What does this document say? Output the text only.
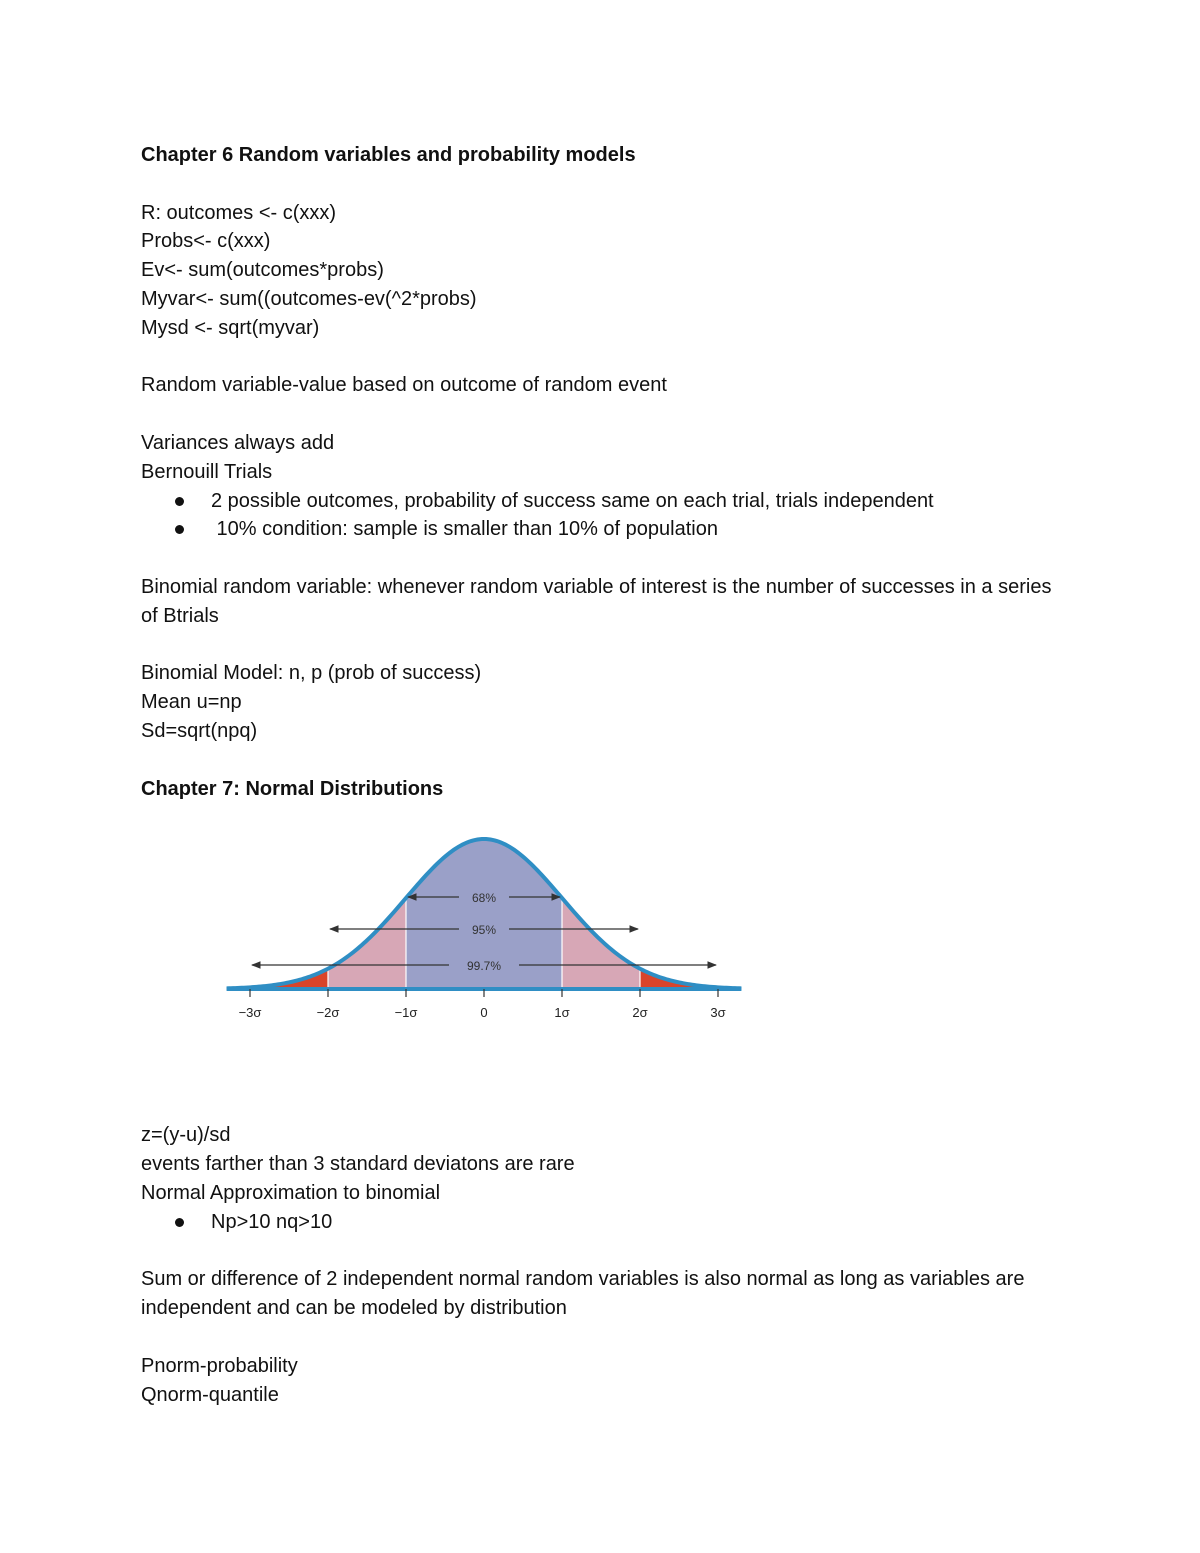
Chapter 6 Random variables and probability models
R: outcomes <- c(xxx)
Probs<- c(xxx)
Ev<- sum(outcomes*probs)
Myvar<- sum((outcomes-ev(^2*probs)
Mysd <- sqrt(myvar)
Random variable-value based on outcome of random event
Variances always add
Bernouill Trials
2 possible outcomes, probability of success same on each trial, trials independent
10% condition: sample is smaller than 10% of population
Binomial random variable: whenever random variable of interest is the number of successes in a series of Btrials
Binomial Model: n, p (prob of success)
Mean u=np
Sd=sqrt(npq)
Chapter 7: Normal Distributions
−3σ	−2σ	−1σ	0	1σ	2σ	3σ
68%
95%
99.7%
z=(y-u)/sd
events farther than 3 standard deviatons are rare
Normal Approximation to binomial
Np>10 nq>10
Sum or difference of 2 independent normal random variables is also normal as long as variables are independent and can be modeled by distribution
Pnorm-probability
Qnorm-quantile
